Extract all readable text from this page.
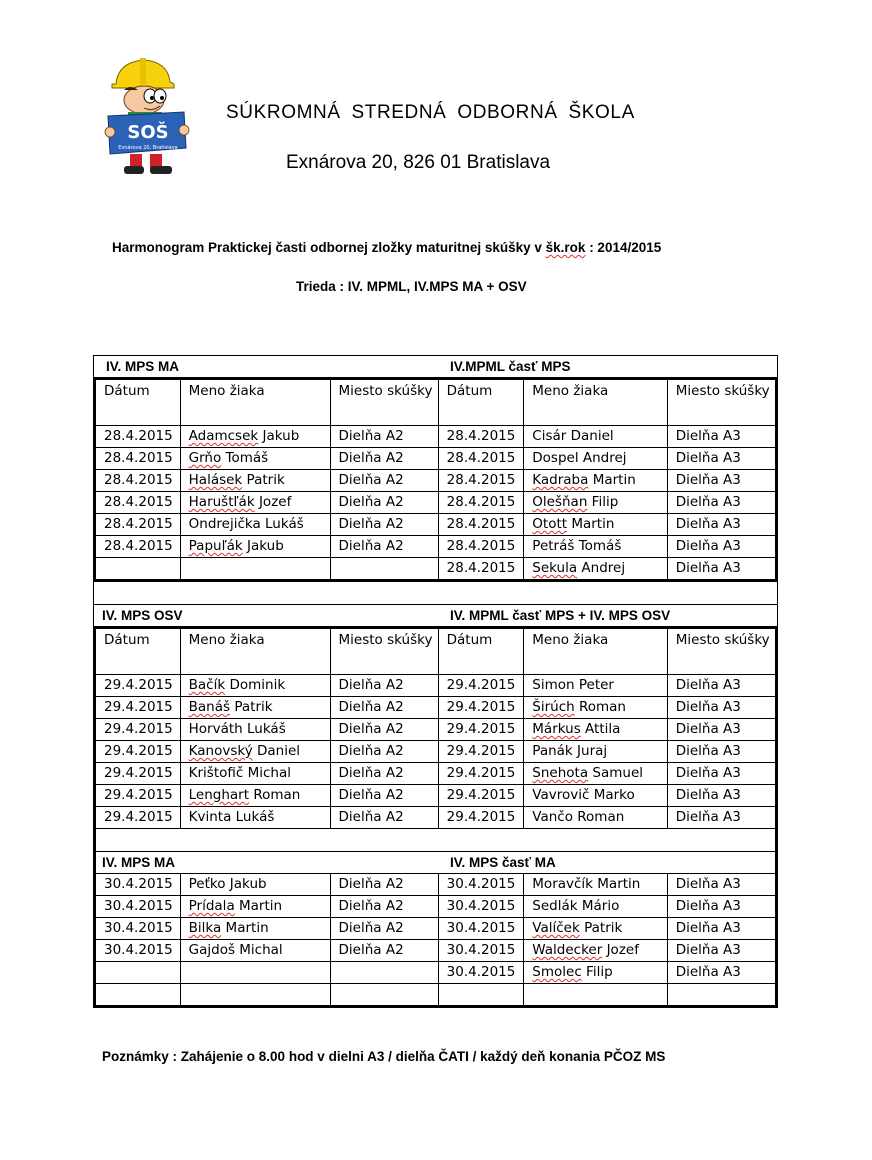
SOŠ
Exnárova 20, Bratislava
SÚKROMNÁ STREDNÁ ODBORNÁ ŠKOLA
Exnárova 20, 826 01 Bratislava
Harmonogram Praktickej časti odbornej zložky maturitnej skúšky v šk.rok : 2014/2015
Trieda : IV. MPML, IV.MPS MA + OSV
IV. MPS MA	IV.MPML časť MPS
Dátum	Meno žiaka	Miesto skúšky	Dátum	Meno žiaka	Miesto skúšky
28.4.2015	Adamcsek Jakub	Dielňa A2	28.4.2015	Cisár Daniel	Dielňa A3
28.4.2015	Grňo Tomáš	Dielňa A2	28.4.2015	Dospel Andrej	Dielňa A3
28.4.2015	Halásek Patrik	Dielňa A2	28.4.2015	Kadraba Martin	Dielňa A3
28.4.2015	Haruštľák Jozef	Dielňa A2	28.4.2015	Olešňan Filip	Dielňa A3
28.4.2015	Ondrejička Lukáš	Dielňa A2	28.4.2015	Otott Martin	Dielňa A3
28.4.2015	Papuľák Jakub	Dielňa A2	28.4.2015	Petráš Tomáš	Dielňa A3
			28.4.2015	Sekula Andrej	Dielňa A3
IV. MPS OSV	IV. MPML časť MPS + IV. MPS OSV
Dátum	Meno žiaka	Miesto skúšky	Dátum	Meno žiaka	Miesto skúšky
29.4.2015	Bačík Dominik	Dielňa A2	29.4.2015	Simon Peter	Dielňa A3
29.4.2015	Banáš Patrik	Dielňa A2	29.4.2015	Širúch Roman	Dielňa A3
29.4.2015	Horváth Lukáš	Dielňa A2	29.4.2015	Márkus Attila	Dielňa A3
29.4.2015	Kanovský Daniel	Dielňa A2	29.4.2015	Panák Juraj	Dielňa A3
29.4.2015	Krištofič Michal	Dielňa A2	29.4.2015	Snehota Samuel	Dielňa A3
29.4.2015	Lenghart Roman	Dielňa A2	29.4.2015	Vavrovič Marko	Dielňa A3
29.4.2015	Kvinta Lukáš	Dielňa A2	29.4.2015	Vančo Roman	Dielňa A3
IV. MPS MA	IV. MPS časť MA
30.4.2015	Peťko Jakub	Dielňa A2	30.4.2015	Moravčík Martin	Dielňa A3
30.4.2015	Prídala Martin	Dielňa A2	30.4.2015	Sedlák Mário	Dielňa A3
30.4.2015	Bilka Martin	Dielňa A2	30.4.2015	Valíček Patrik	Dielňa A3
30.4.2015	Gajdoš Michal	Dielňa A2	30.4.2015	Waldecker Jozef	Dielňa A3
			30.4.2015	Smolec Filip	Dielňa A3

Poznámky : Zahájenie o 8.00 hod v dielni A3 / dielňa ČATI / každý deň konania PČOZ MS
